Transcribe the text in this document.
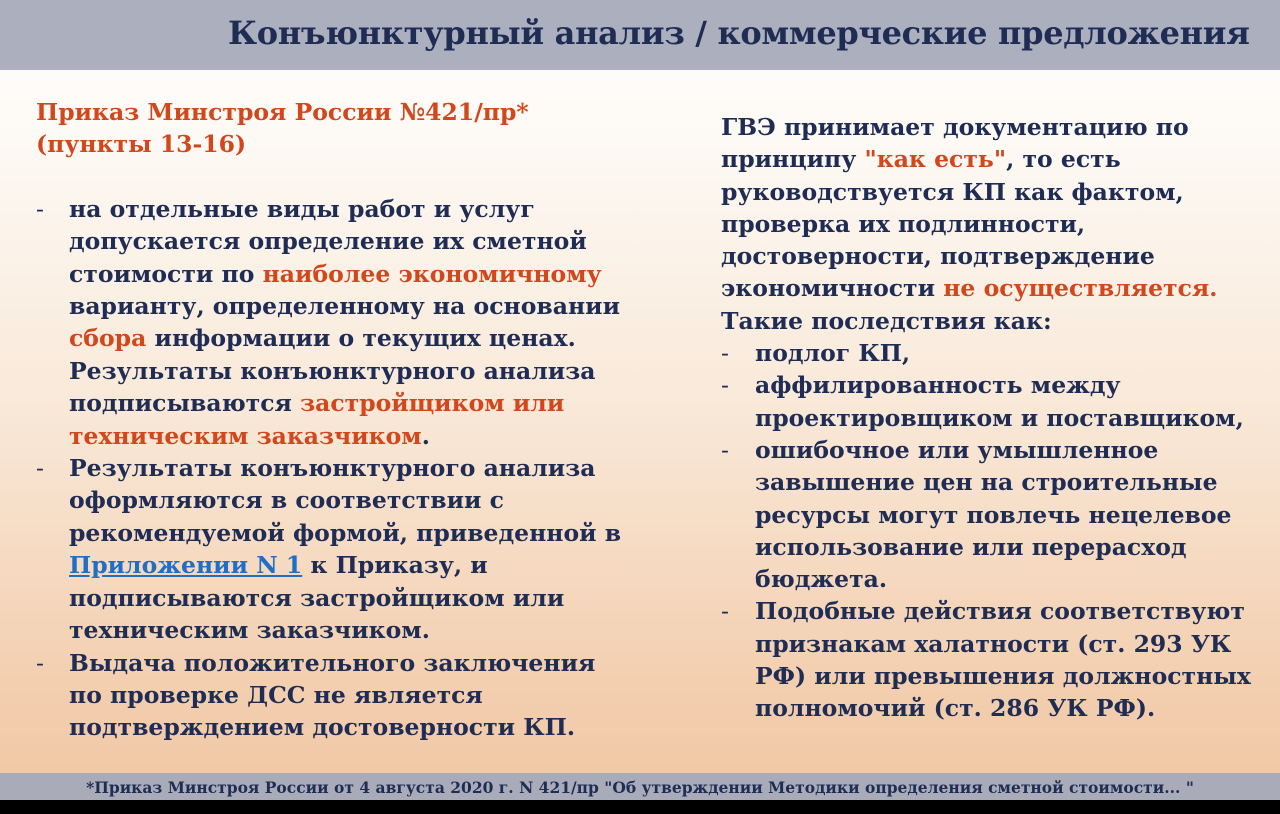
Конъюнктурный анализ / коммерческие предложения

Приказ Минстроя России №421/пр* (пункты 13-16)

- на отдельные виды работ и услуг допускается определение их сметной стоимости по наиболее экономичному варианту, определенному на основании сбора информации о текущих ценах. Результаты конъюнктурного анализа подписываются застройщиком или техническим заказчиком.
- Результаты конъюнктурного анализа оформляются в соответствии с рекомендуемой формой, приведенной в Приложении N 1 к Приказу, и подписываются застройщиком или техническим заказчиком.
- Выдача положительного заключения по проверке ДСС не является подтверждением достоверности КП.

ГВЭ принимает документацию по принципу "как есть", то есть руководствуется КП как фактом, проверка их подлинности, достоверности, подтверждение экономичности не осуществляется.

Такие последствия как:

- подлог КП,
- аффилированность между проектировщиком и поставщиком,
- ошибочное или умышленное завышение цен на строительные ресурсы могут повлечь нецелевое использование или перерасход бюджета.
- Подобные действия соответствуют признакам халатности (ст. 293 УК РФ) или превышения должностных полномочий (ст. 286 УК РФ).
*Приказ Минстроя России от 4 августа 2020 г. N 421/пр "Об утверждении Методики определения сметной стоимости... "
